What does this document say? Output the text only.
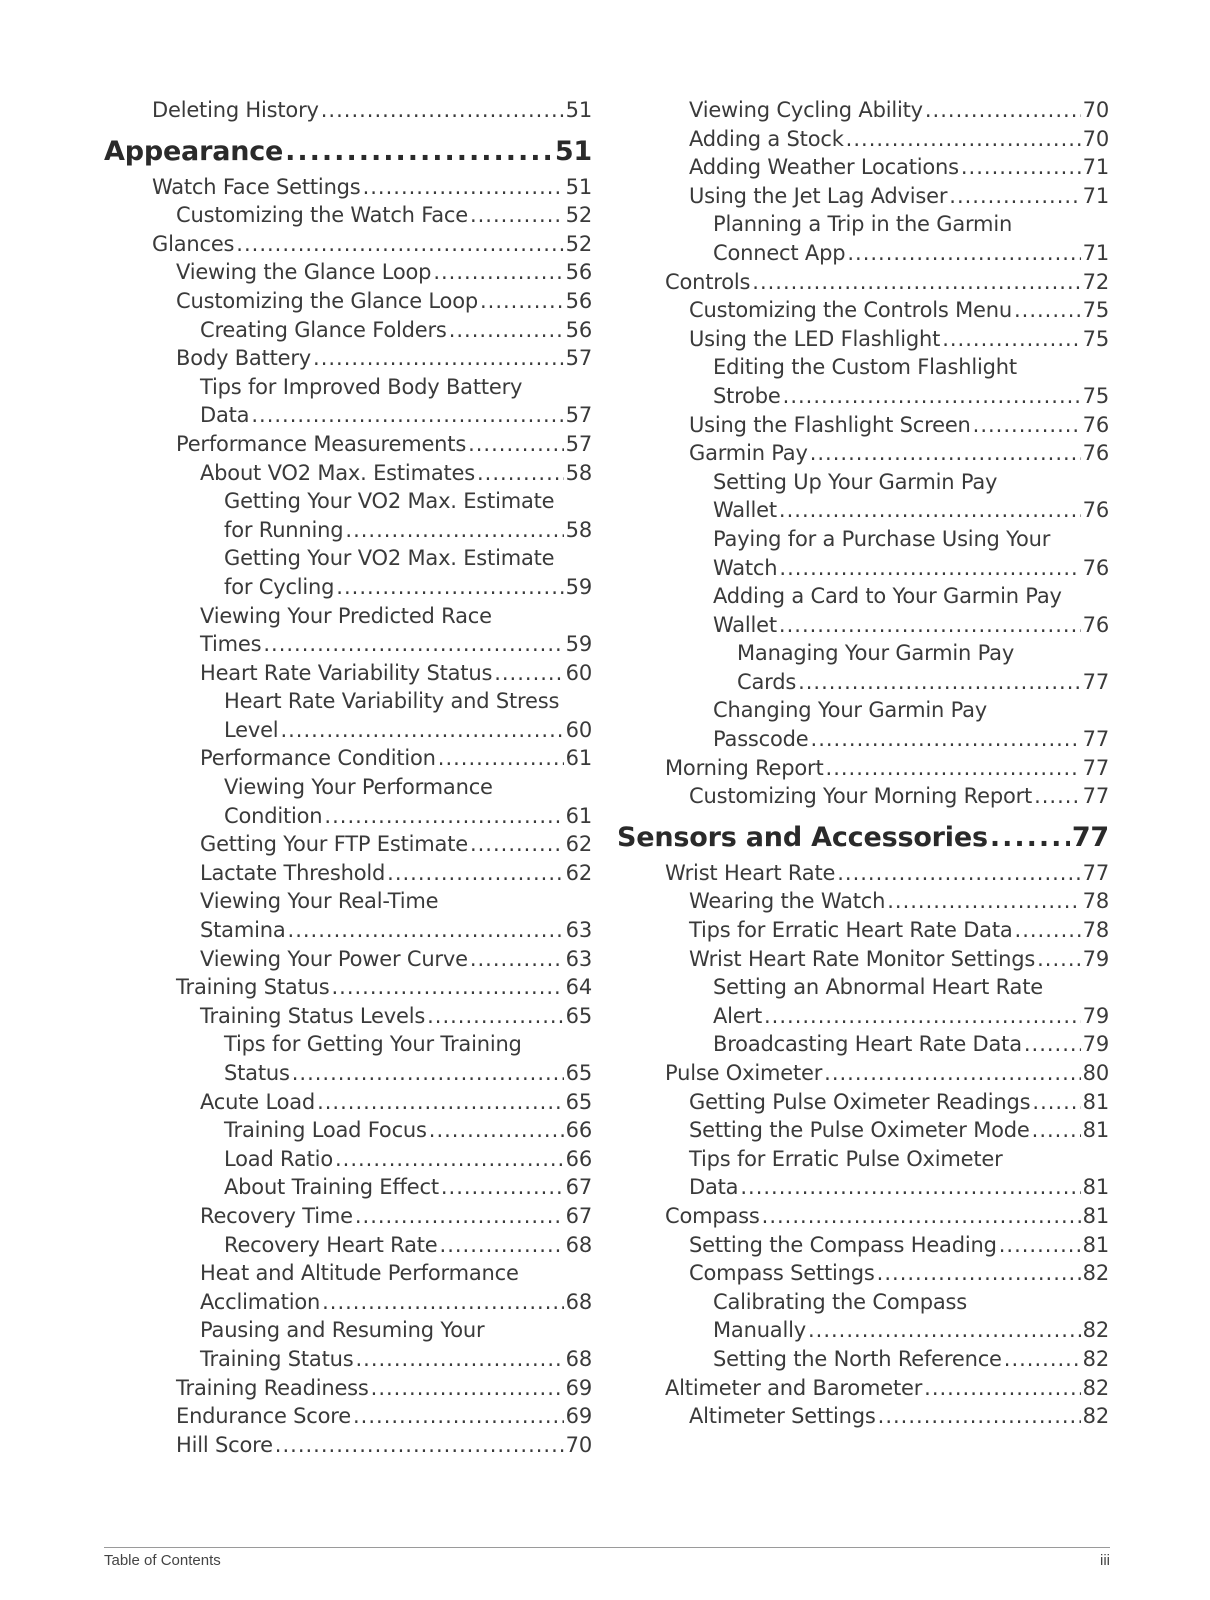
Deleting History .....	51
Appearance .....	51
Watch Face Settings .....	51
Customizing the Watch Face .....	52
Glances .....	52
Viewing the Glance Loop .....	56
Customizing the Glance Loop .....	56
Creating Glance Folders .....	56
Body Battery .....	57
Tips for Improved Body Battery
Data .....	57
Performance Measurements .....	57
About VO2 Max. Estimates .....	58
Getting Your VO2 Max. Estimate
for Running .....	58
Getting Your VO2 Max. Estimate
for Cycling .....	59
Viewing Your Predicted Race
Times .....	59
Heart Rate Variability Status .....	60
Heart Rate Variability and Stress
Level .....	60
Performance Condition .....	61
Viewing Your Performance
Condition .....	61
Getting Your FTP Estimate .....	62
Lactate Threshold .....	62
Viewing Your Real-Time
Stamina .....	63
Viewing Your Power Curve .....	63
Training Status .....	64
Training Status Levels .....	65
Tips for Getting Your Training
Status .....	65
Acute Load .....	65
Training Load Focus .....	66
Load Ratio .....	66
About Training Effect .....	67
Recovery Time .....	67
Recovery Heart Rate .....	68
Heat and Altitude Performance
Acclimation .....	68
Pausing and Resuming Your
Training Status .....	68
Training Readiness .....	69
Endurance Score .....	69
Hill Score .....	70
Viewing Cycling Ability .....	70
Adding a Stock .....	70
Adding Weather Locations .....	71
Using the Jet Lag Adviser .....	71
Planning a Trip in the Garmin
Connect App .....	71
Controls .....	72
Customizing the Controls Menu .....	75
Using the LED Flashlight .....	75
Editing the Custom Flashlight
Strobe .....	75
Using the Flashlight Screen .....	76
Garmin Pay .....	76
Setting Up Your Garmin Pay
Wallet .....	76
Paying for a Purchase Using Your
Watch .....	76
Adding a Card to Your Garmin Pay
Wallet .....	76
Managing Your Garmin Pay
Cards .....	77
Changing Your Garmin Pay
Passcode .....	77
Morning Report .....	77
Customizing Your Morning Report ..... 77
Sensors and Accessories .....	77
Wrist Heart Rate .....	77
Wearing the Watch .....	78
Tips for Erratic Heart Rate Data .....	78
Wrist Heart Rate Monitor Settings ..... 79
Setting an Abnormal Heart Rate
Alert .....	79
Broadcasting Heart Rate Data .....	79
Pulse Oximeter .....	80
Getting Pulse Oximeter Readings ..... 81
Setting the Pulse Oximeter Mode .....	81
Tips for Erratic Pulse Oximeter
Data .....	81
Compass .....	81
Setting the Compass Heading .....	81
Compass Settings .....	82
Calibrating the Compass
Manually .....	82
Setting the North Reference .....	82
Altimeter and Barometer .....	82
Altimeter Settings .....	82
Table of Contents	iii
